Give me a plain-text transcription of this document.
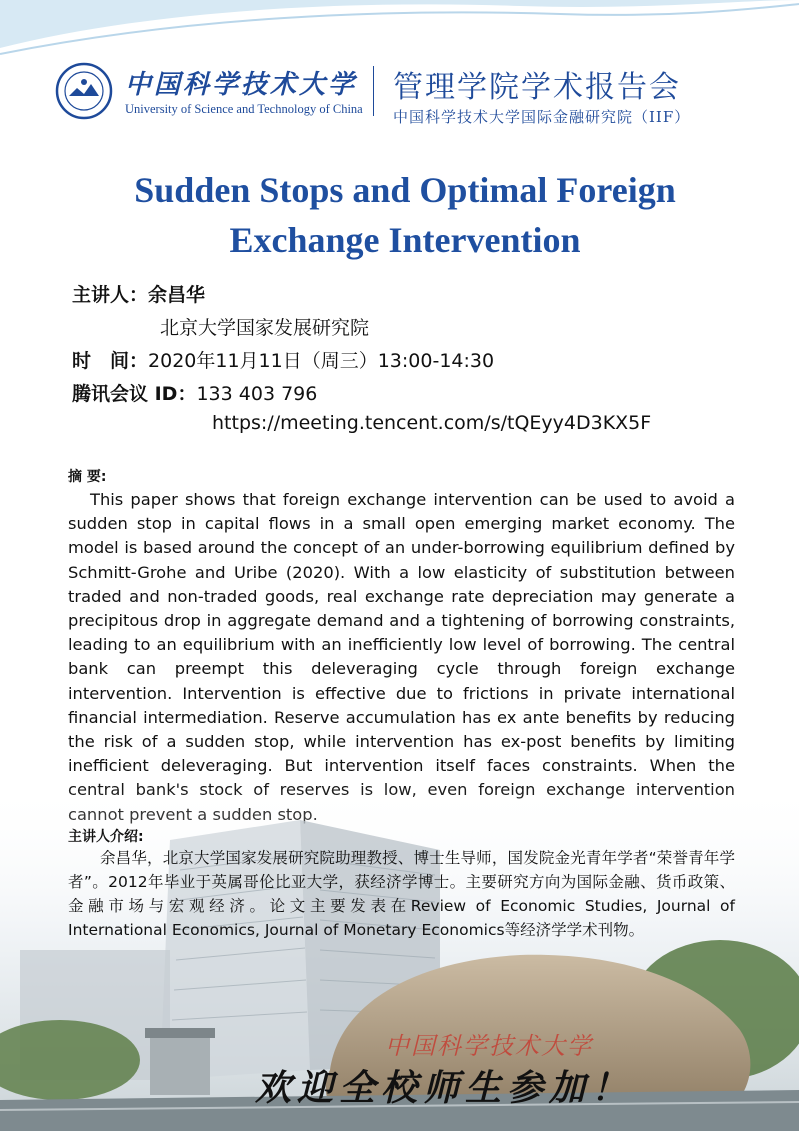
中国科学技术大学
University of Science and Technology of China
管理学院学术报告会
中国科学技术大学国际金融研究院（IIF）
Sudden Stops and Optimal Foreign
Exchange Intervention
主讲人：余昌华
北京大学国家发展研究院
时　间：2020年11月11日（周三）13:00-14:30
腾讯会议 ID：133 403 796
https://meeting.tencent.com/s/tQEyy4D3KX5F
摘 要:
This paper shows that foreign exchange intervention can be used to avoid a sudden stop in capital flows in a small open emerging market economy. The model is based around the concept of an under-borrowing equilibrium defined by Schmitt-Grohe and Uribe (2020). With a low elasticity of substitution between traded and non-traded goods, real exchange rate depreciation may generate a precipitous drop in aggregate demand and a tightening of borrowing constraints, leading to an equilibrium with an inefficiently low level of borrowing. The central bank can preempt this deleveraging cycle through foreign exchange intervention. Intervention is effective due to frictions in private international financial intermediation. Reserve accumulation has ex ante benefits by reducing the risk of a sudden stop, while intervention has ex-post benefits by limiting inefficient deleveraging. But intervention itself faces constraints. When the
主讲人介绍:
余昌华，北京大学国家发展研究院助理教授、博士生导师，国发院金光青年学者“荣誉青年学者”。2012年毕业于英属哥伦比亚大学，获经济学博士。主要研究方向为国际金融、货币政策、金融市场与宏观经济。论文主要发表在Review of Economic Studies, Journal of International Economics, Journal of Monetary Economics等经济学学术刊物。
中国科学技术大学
欢迎全校师生参加！
